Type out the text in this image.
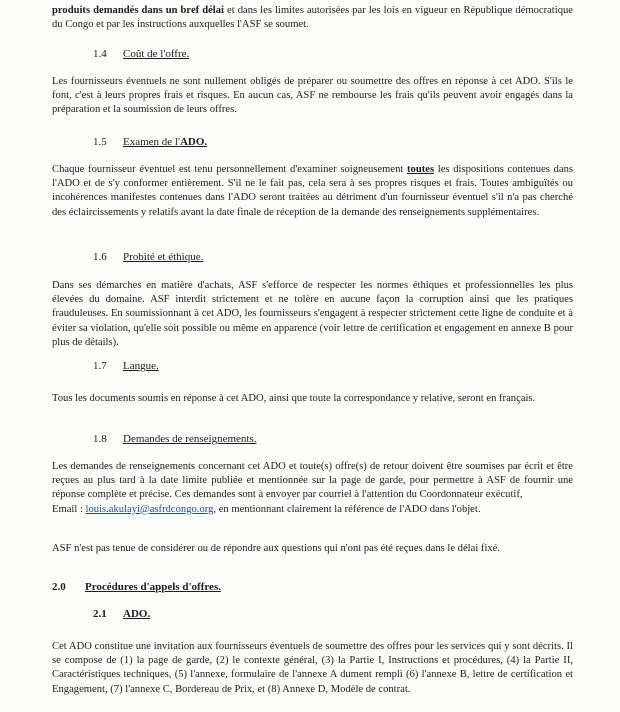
produits demandés dans un bref délai et dans les limites autorisées par les lois en vigueur en République démocratique du Congo et par les instructions auxquelles l'ASF se soumet.

1.4 Coût de l'offre.

Les fournisseurs éventuels ne sont nullement obligés de préparer ou soumettre des offres en réponse à cet ADO. S'ils le font, c'est à leurs propres frais et risques. En aucun cas, ASF ne rembourse les frais qu'ils peuvent avoir engagés dans la préparation et la soumission de leurs offres.

1.5 Examen de l'ADO.

Chaque fournisseur éventuel est tenu personnellement d'examiner soigneusement toutes les dispositions contenues dans l'ADO et de s'y conformer entièrement. S'il ne le fait pas, cela sera à ses propres risques et frais. Toutes ambiguïtés ou incohérences manifestes contenues dans l'ADO seront traitées au détriment d'un fournisseur éventuel s'il n'a pas cherché des éclaircissements y relatifs avant la date finale de réception de la demande des renseignements supplémentaires.

1.6 Probité et éthique.

Dans ses démarches en matière d'achats, ASF s'efforce de respecter les normes éthiques et professionnelles les plus élevées du domaine. ASF interdit strictement et ne tolère en aucune façon la corruption ainsi que les pratiques frauduleuses. En soumissionnant à cet ADO, les fournisseurs s'engagent à respecter strictement cette ligne de conduite et à éviter sa violation, qu'elle soit possible ou même en apparence (voir lettre de certification et engagement en annexe B pour plus de détails).

1.7 Langue.

Tous les documents soumis en réponse à cet ADO, ainsi que toute la correspondance y relative, seront en français.

1.8 Demandes de renseignements.

Les demandes de renseignements concernant cet ADO et toute(s) offre(s) de retour doivent être soumises par écrit et être reçues au plus tard à la date limite publiée et mentionnée sur la page de garde, pour permettre à ASF de fournir une réponse complète et précise. Ces demandes sont à envoyer par courriel à l'attention du Coordonnateur exécutif,
Email : louis.akulayi@asfrdcongo.org, en mentionnant clairement la référence de l'ADO dans l'objet.

ASF n'est pas tenue de considérer ou de répondre aux questions qui n'ont pas été reçues dans le délai fixé.

2.0 Procédures d'appels d'offres.
2.1 ADO.

Cet ADO constitue une invitation aux fournisseurs éventuels de soumettre des offres pour les services qui y sont décrits. Il se compose de (1) la page de garde, (2) le contexte général, (3) la Partie I, Instructions et procédures, (4) la Partie II, Caractéristiques techniques, (5) l'annexe, formulaire de l'annexe A dument rempli (6) l'annexe B, lettre de certification et Engagement, (7) l'annexe C, Bordereau de Prix, et (8) Annexe D, Modèle de contrat.
